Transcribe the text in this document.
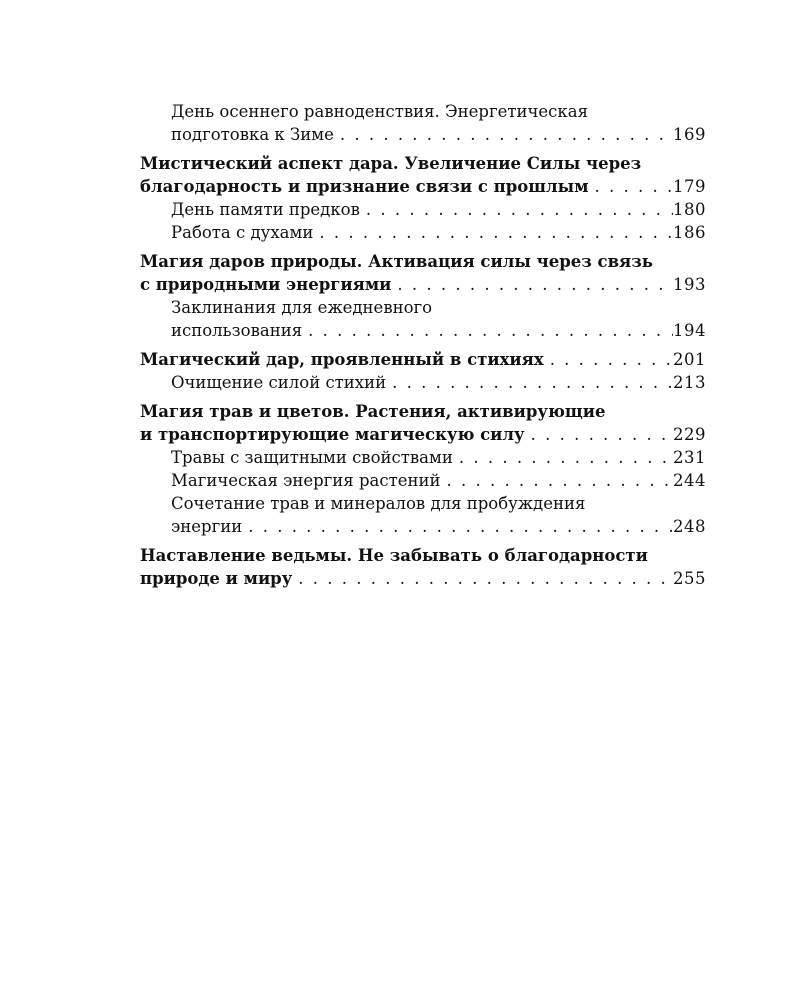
День осеннего равноденствия. Энергетическая
подготовка к Зиме . . .	169
Мистический аспект дара. Увеличение Силы через
благодарность и признание связи с прошлым . . .	179
День памяти предков . . .	180
Работа с духами . . .	186
Магия даров природы. Активация силы через связь
с природными энергиями . . .	193
Заклинания для ежедневного
использования . . .	194
Магический дар, проявленный в стихиях . . .	201
Очищение силой стихий . . .	213
Магия трав и цветов. Растения, активирующие
и транспортирующие магическую силу . . .	229
Травы с защитными свойствами . . .	231
Магическая энергия растений . . .	244
Сочетание трав и минералов для пробуждения
энергии . . .	248
Наставление ведьмы. Не забывать о благодарности
природе и миру . . .	255
